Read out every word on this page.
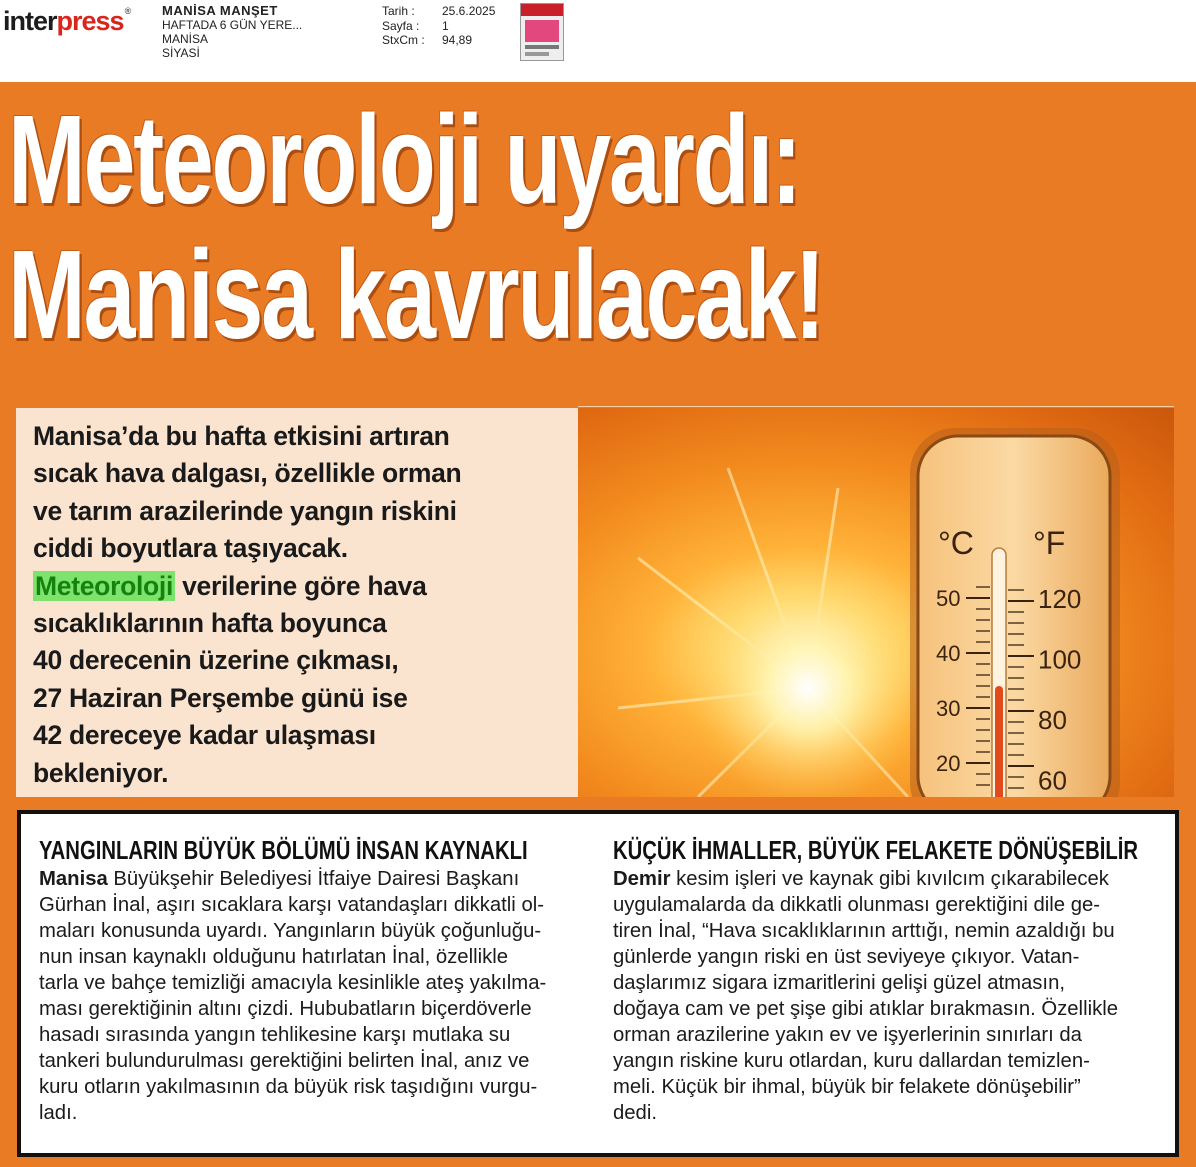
interpress® MANİSA MANŞET
HAFTADA 6 GÜN YERE...
MANİSA
SİYASİ
Tarih :	25.6.2025
Sayfa :	1
StxCm :	94,89
Meteoroloji uyardı:
Manisa kavrulacak!

Manisa’da bu hafta etkisini artıran
sıcak hava dalgası, özellikle orman
ve tarım arazilerinde yangın riskini
ciddi boyutlara taşıyacak.
Meteoroloji verilerine göre hava
sıcaklıklarının hafta boyunca
40 derecenin üzerine çıkması,
27 Haziran Perşembe günü ise
42 dereceye kadar ulaşması
bekleniyor.

°C °F
50
40
30
20
120
100
80
60
YANGINLARIN BÜYÜK BÖLÜMÜ İNSAN KAYNAKLI
Manisa Büyükşehir Belediyesi İtfaiye Dairesi Başkanı
Gürhan İnal, aşırı sıcaklara karşı vatandaşları dikkatli ol-
maları konusunda uyardı. Yangınların büyük çoğunluğu-
nun insan kaynaklı olduğunu hatırlatan İnal, özellikle
tarla ve bahçe temizliği amacıyla kesinlikle ateş yakılma-
ması gerektiğinin altını çizdi. Hububatların biçerdöverle
hasadı sırasında yangın tehlikesine karşı mutlaka su
tankeri bulundurulması gerektiğini belirten İnal, anız ve
kuru otların yakılmasının da büyük risk taşıdığını vurgu-
ladı.
KÜÇÜK İHMALLER, BÜYÜK FELAKETE DÖNÜŞEBİLİR
Demir kesim işleri ve kaynak gibi kıvılcım çıkarabilecek
uygulamalarda da dikkatli olunması gerektiğini dile ge-
tiren İnal, “Hava sıcaklıklarının arttığı, nemin azaldığı bu
günlerde yangın riski en üst seviyeye çıkıyor. Vatan-
daşlarımız sigara izmaritlerini gelişi güzel atmasın,
doğaya cam ve pet şişe gibi atıklar bırakmasın. Özellikle
orman arazilerine yakın ev ve işyerlerinin sınırları da
yangın riskine kuru otlardan, kuru dallardan temizlen-
meli. Küçük bir ihmal, büyük bir felakete dönüşebilir”
dedi.
